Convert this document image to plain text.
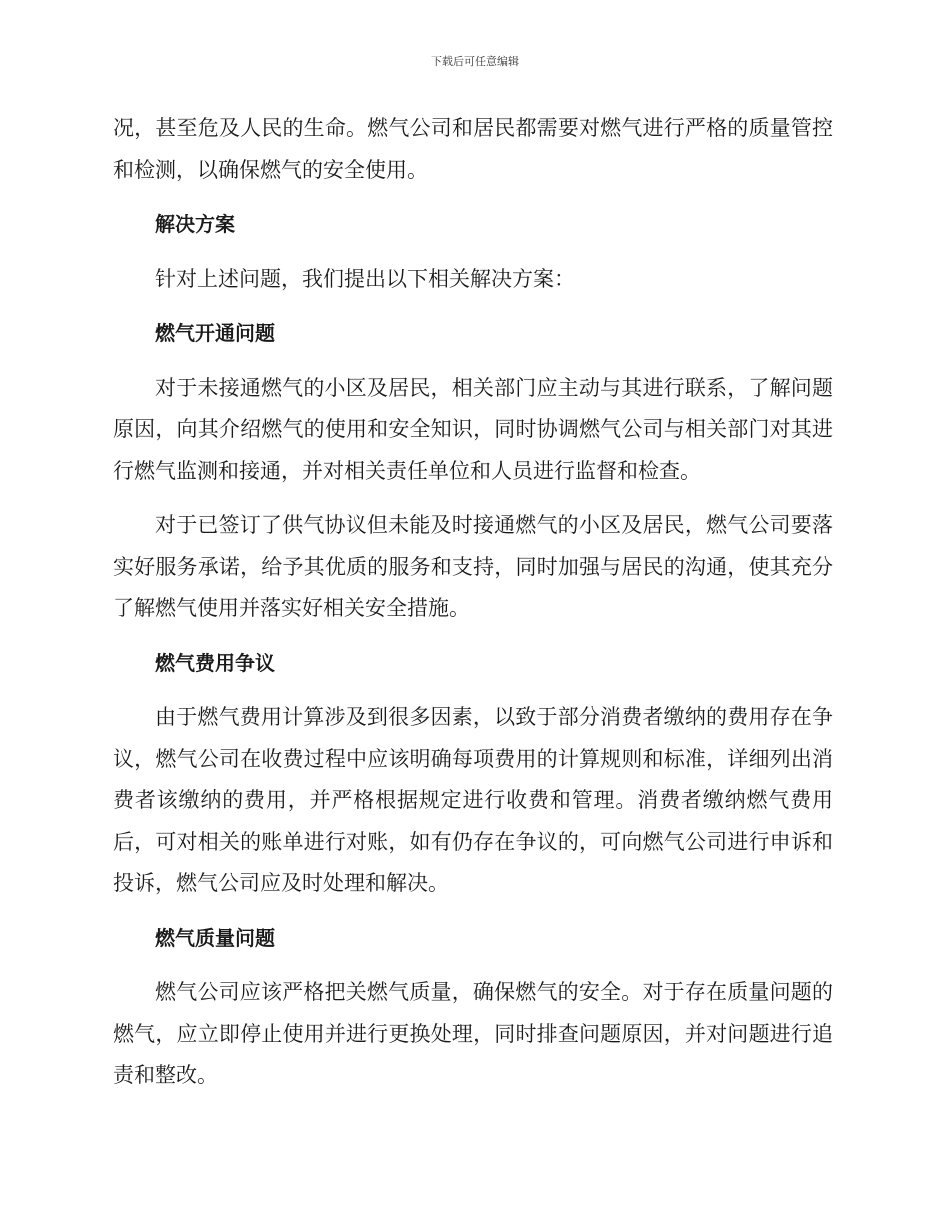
下载后可任意编辑

况，甚至危及人民的生命。燃气公司和居民都需要对燃气进行严格的质量管控和检测，以确保燃气的安全使用。

解决方案

针对上述问题，我们提出以下相关解决方案：

燃气开通问题

对于未接通燃气的小区及居民，相关部门应主动与其进行联系，了解问题原因，向其介绍燃气的使用和安全知识，同时协调燃气公司与相关部门对其进行燃气监测和接通，并对相关责任单位和人员进行监督和检查。

对于已签订了供气协议但未能及时接通燃气的小区及居民，燃气公司要落实好服务承诺，给予其优质的服务和支持，同时加强与居民的沟通，使其充分了解燃气使用并落实好相关安全措施。

燃气费用争议

由于燃气费用计算涉及到很多因素，以致于部分消费者缴纳的费用存在争议，燃气公司在收费过程中应该明确每项费用的计算规则和标准，详细列出消费者该缴纳的费用，并严格根据规定进行收费和管理。消费者缴纳燃气费用后，可对相关的账单进行对账，如有仍存在争议的，可向燃气公司进行申诉和投诉，燃气公司应及时处理和解决。

燃气质量问题

燃气公司应该严格把关燃气质量，确保燃气的安全。对于存在质量问题的燃气，应立即停止使用并进行更换处理，同时排查问题原因，并对问题进行追责和整改。
